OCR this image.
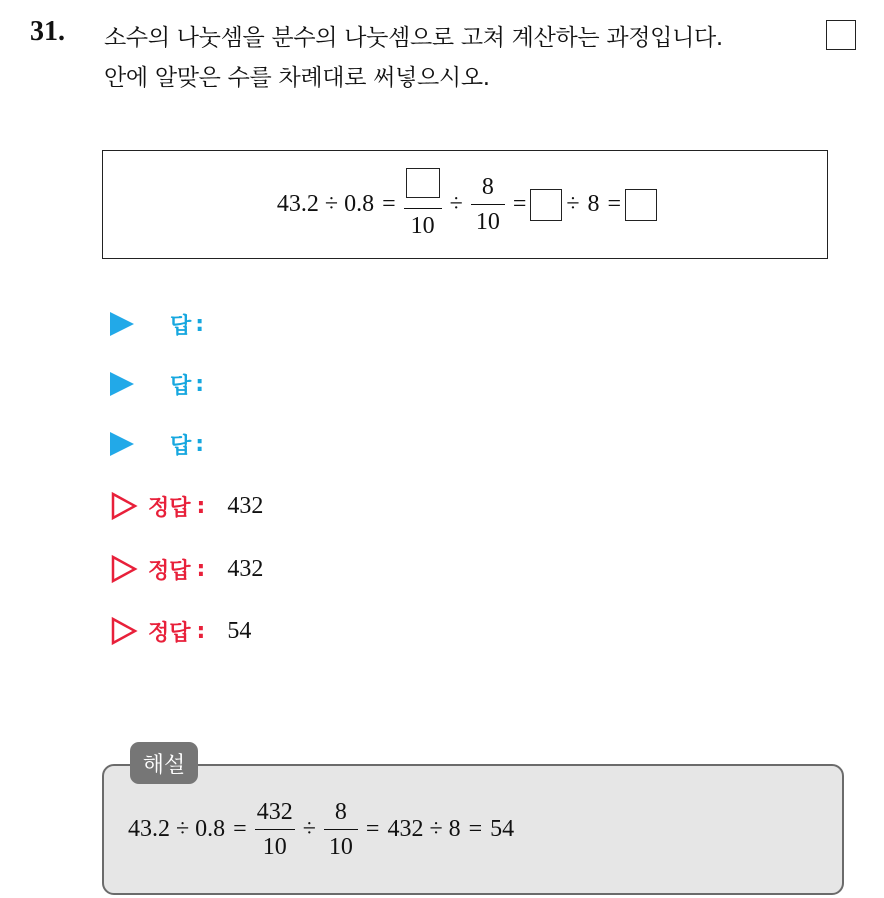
31. 소수의 나눗셈을 분수의 나눗셈으로 고쳐 계산하는 과정입니다.
안에 알맞은 수를 차례대로 써넣으시오.
43.2 ÷ 0.8 =
10
÷ $\frac{8}{10}$ = ÷ 8 =
답 :
답 :
답 :
정답 : 432
정답 : 432
정답 : 54
해설
$43.2 \div 0.8 = \frac{432}{10} \div \frac{8}{10} = 432 \div 8 = 54$
